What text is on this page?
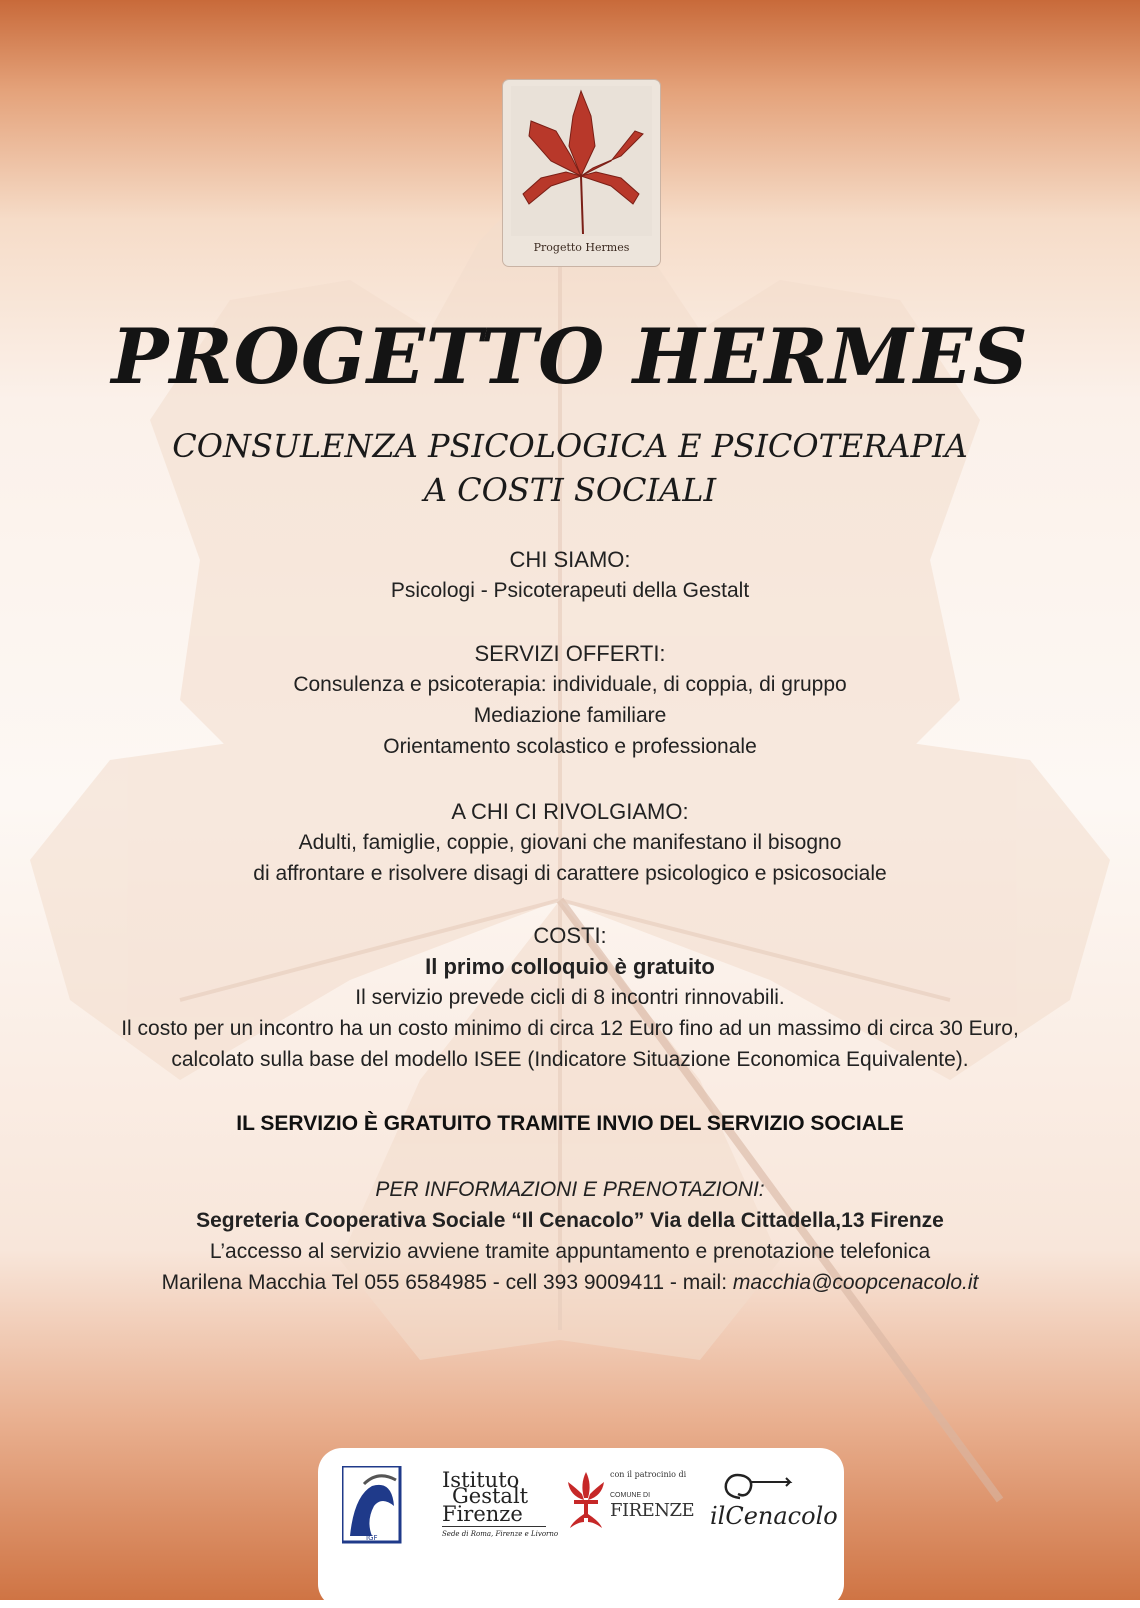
Progetto Hermes
PROGETTO HERMES
CONSULENZA PSICOLOGICA E PSICOTERAPIA
A COSTI SOCIALI
CHI SIAMO:
Psicologi - Psicoterapeuti della Gestalt
SERVIZI OFFERTI:
Consulenza e psicoterapia: individuale, di coppia, di gruppo
Mediazione familiare
Orientamento scolastico e professionale
A CHI CI RIVOLGIAMO:
Adulti, famiglie, coppie, giovani che manifestano il bisogno
di affrontare e risolvere disagi di carattere psicologico e psicosociale
COSTI:
Il primo colloquio è gratuito
Il servizio prevede cicli di 8 incontri rinnovabili.
Il costo per un incontro ha un costo minimo di circa 12 Euro fino ad un massimo di circa 30 Euro,
calcolato sulla base del modello ISEE (Indicatore Situazione Economica Equivalente).
IL SERVIZIO È GRATUITO TRAMITE INVIO DEL SERVIZIO SOCIALE
PER INFORMAZIONI E PRENOTAZIONI:
Segreteria Cooperativa Sociale “Il Cenacolo” Via della Cittadella,13 Firenze
L’accesso al servizio avviene tramite appuntamento e prenotazione telefonica
Marilena Macchia Tel 055 6584985 - cell 393 9009411 - mail: macchia@coopcenacolo.it
IGF
Istituto
Gestalt
Firenze
Sede di Roma, Firenze e Livorno
con il patrocinio di
COMUNE DI
FIRENZE ilCenacolo
